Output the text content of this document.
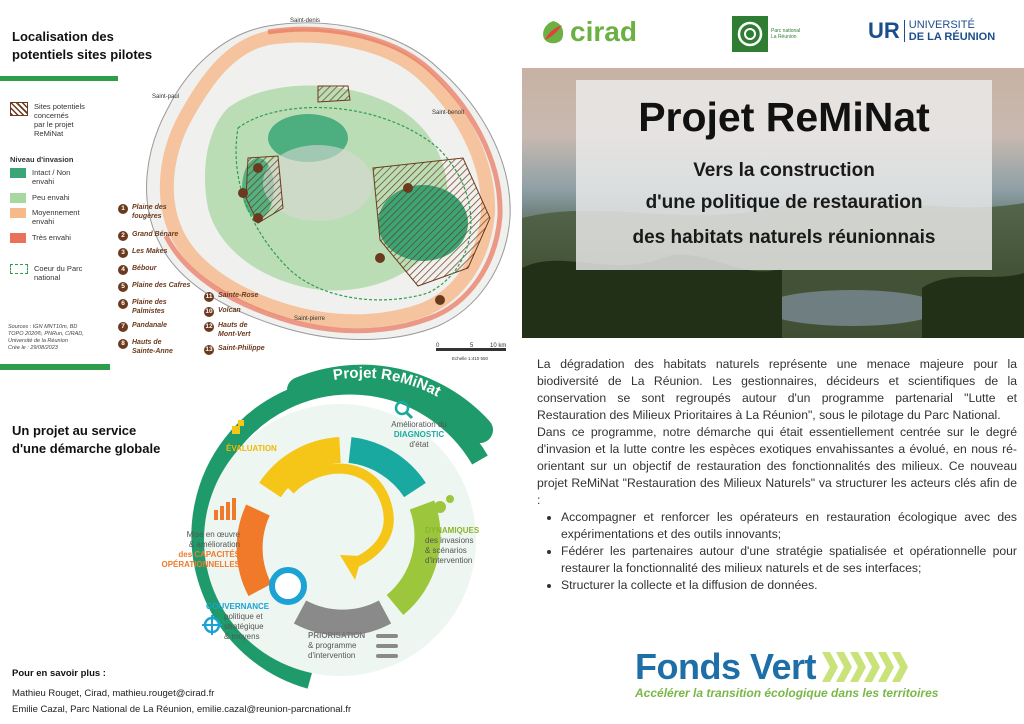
Saint-denis
Saint-paul
Saint-benoît
Saint-pierre
0	5	10 km
Echelle 1:410 550
Localisation des
potentiels sites pilotes
Sites potentiels
concernés
par le projet
ReMiNat
Niveau d'invasion
Intact / Non
envahi
Peu envahi
Moyennement
envahi
Très envahi
Coeur du Parc
national
1	Plaine des
fougères
2	Grand Bénare
3	Les Makes
4	Bébour
5	Plaine des Cafres
6	Plaine des
Palmistes
7	Pandanale
8	Hauts de
Sainte-Anne
11 Sainte-Rose
10 Volcan
12 Hauts de
Mont-Vert
13 Saint-Philippe
Sources : IGN MNT10m, BD
TOPO 2020®, PNRun, CIRAD,
Université de la Réunion
Crée le : 29/08/2023
cirad	Parc national
La Réunion	UR UNIVERSITÉ
DE LA RÉUNION
Projet ReMiNat
Vers la construction
d'une politique de restauration
des habitats naturels réunionnais

La dégradation des habitats naturels représente une menace majeure pour la biodiversité de La Réunion. Les gestionnaires, décideurs et scientifiques de la conservation se sont regroupés autour d'un programme partenarial "Lutte et Restauration des Milieux Prioritaires à La Réunion", sous le pilotage du Parc National.

Dans ce programme, notre démarche qui était essentiellement centrée sur le degré d'invasion et la lutte contre les espèces exotiques envahissantes a évolué, en nous ré-orientant sur un objectif de restauration des fonctionnalités des milieux. Ce nouveau projet ReMiNat "Restauration des Milieux Naturels" va structurer les acteurs clés afin de :

• Accompagner et renforcer les opérateurs en restauration écologique avec des expérimentations et des outils innovants;
• Fédérer les partenaires autour d'une stratégie spatialisée et opérationnelle pour restaurer la fonctionnalité des milieux naturels et de ses interfaces;
• Structurer la collecte et la diffusion de données.
Fonds Vert
Accélérer la transition écologique dans les territoires
Un projet au service
d'une démarche globale
Projet ReMiNat
ÉVALUATION
Amélioration du
DIAGNOSTIC
d'état
DYNAMIQUES
des invasions
& scénarios
d'intervention
PRIORISATION
& programme
d'intervention
GOUVERNANCE
politique et
stratégique
& moyens
Mise en œuvre
& amélioration
des CAPACITÉS
OPÉRATIONNELLES
Pour en savoir plus :
Mathieu Rouget, Cirad, mathieu.rouget@cirad.fr
Emilie Cazal, Parc National de La Réunion, emilie.cazal@reunion-parcnational.fr
